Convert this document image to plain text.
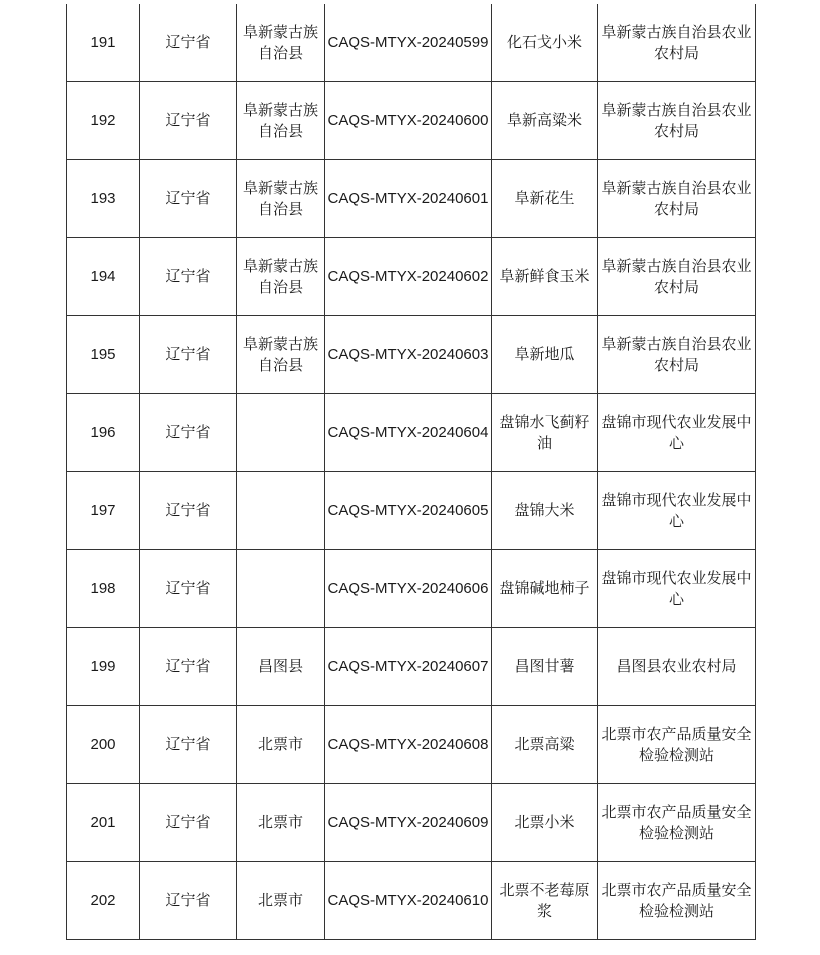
191	辽宁省	阜新蒙古族自治县	CAQS-MTYX-20240599	化石戈小米	阜新蒙古族自治县农业农村局
192	辽宁省	阜新蒙古族自治县	CAQS-MTYX-20240600	阜新高粱米	阜新蒙古族自治县农业农村局
193	辽宁省	阜新蒙古族自治县	CAQS-MTYX-20240601	阜新花生	阜新蒙古族自治县农业农村局
194	辽宁省	阜新蒙古族自治县	CAQS-MTYX-20240602	阜新鲜食玉米	阜新蒙古族自治县农业农村局
195	辽宁省	阜新蒙古族自治县	CAQS-MTYX-20240603	阜新地瓜	阜新蒙古族自治县农业农村局
196	辽宁省		CAQS-MTYX-20240604	盘锦水飞蓟籽油	盘锦市现代农业发展中心
197	辽宁省		CAQS-MTYX-20240605	盘锦大米	盘锦市现代农业发展中心
198	辽宁省		CAQS-MTYX-20240606	盘锦碱地柿子	盘锦市现代农业发展中心
199	辽宁省	昌图县	CAQS-MTYX-20240607	昌图甘薯	昌图县农业农村局
200	辽宁省	北票市	CAQS-MTYX-20240608	北票高粱	北票市农产品质量安全检验检测站
201	辽宁省	北票市	CAQS-MTYX-20240609	北票小米	北票市农产品质量安全检验检测站
202	辽宁省	北票市	CAQS-MTYX-20240610	北票不老莓原浆	北票市农产品质量安全检验检测站
